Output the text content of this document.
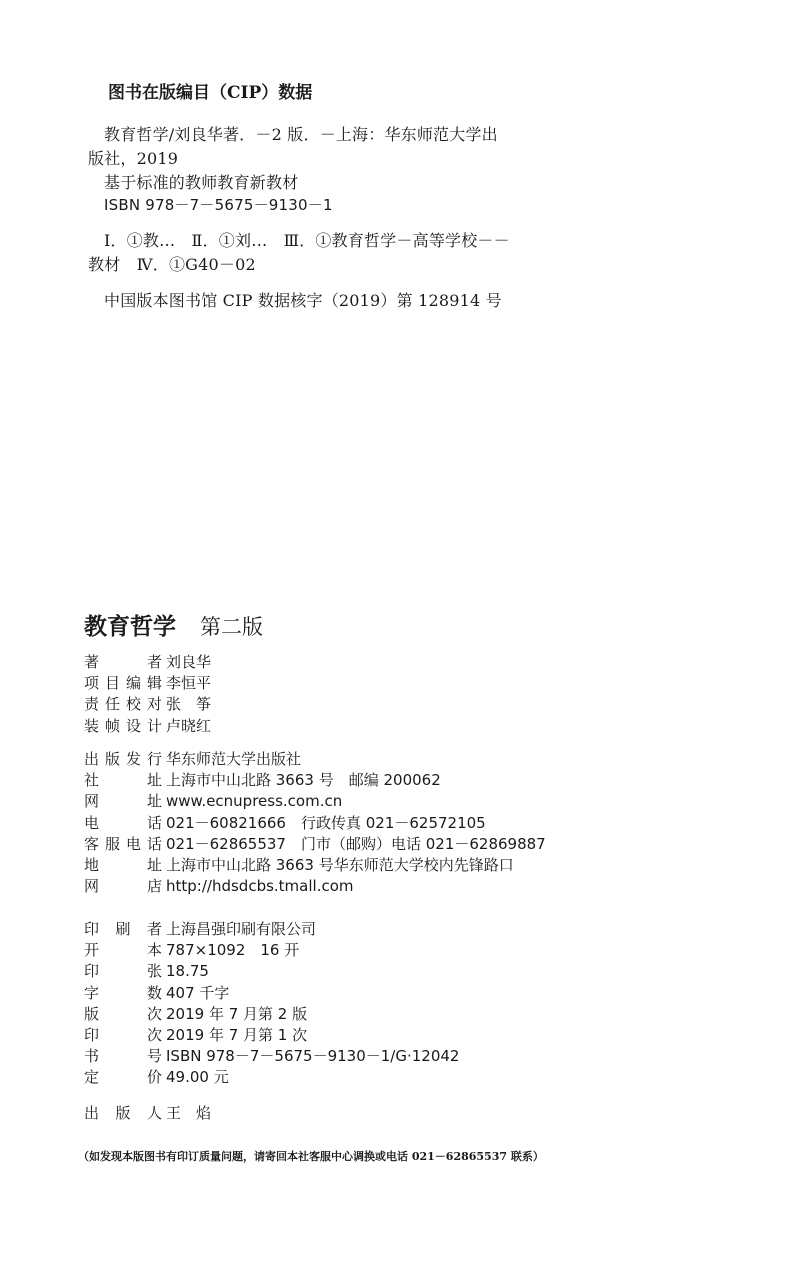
图书在版编目（CIP）数据
教育哲学/刘良华著．－2 版．－上海：华东师范大学出
版社，2019
基于标准的教师教育新教材
ISBN 978－7－5675－9130－1
Ⅰ．①教…　Ⅱ．①刘…　Ⅲ．①教育哲学－高等学校－－
教材　Ⅳ．①G40－02
中国版本图书馆 CIP 数据核字（2019）第 128914 号
教育哲学 第二版
著	者 刘良华
项 目 编 辑 李恒平
责 任 校 对 张　筝
装 帧 设 计 卢晓红
出 版 发 行 华东师范大学出版社
社	址 上海市中山北路 3663 号　邮编 200062
网	址 www.ecnupress.com.cn
电	话 021－60821666　行政传真 021－62572105
客 服 电 话 021－62865537　门市（邮购）电话 021－62869887
地	址 上海市中山北路 3663 号华东师范大学校内先锋路口
网	店 http://hdsdcbs.tmall.com
印 刷 者 上海昌强印刷有限公司
开	本 787×1092　16 开
印	张 18.75
字	数 407 千字
版	次 2019 年 7 月第 2 版
印	次 2019 年 7 月第 1 次
书	号 ISBN 978－7－5675－9130－1/G·12042
定	价 49.00 元
出 版 人 王　焰
（如发现本版图书有印订质量问题，请寄回本社客服中心调换或电话 021－62865537 联系）
